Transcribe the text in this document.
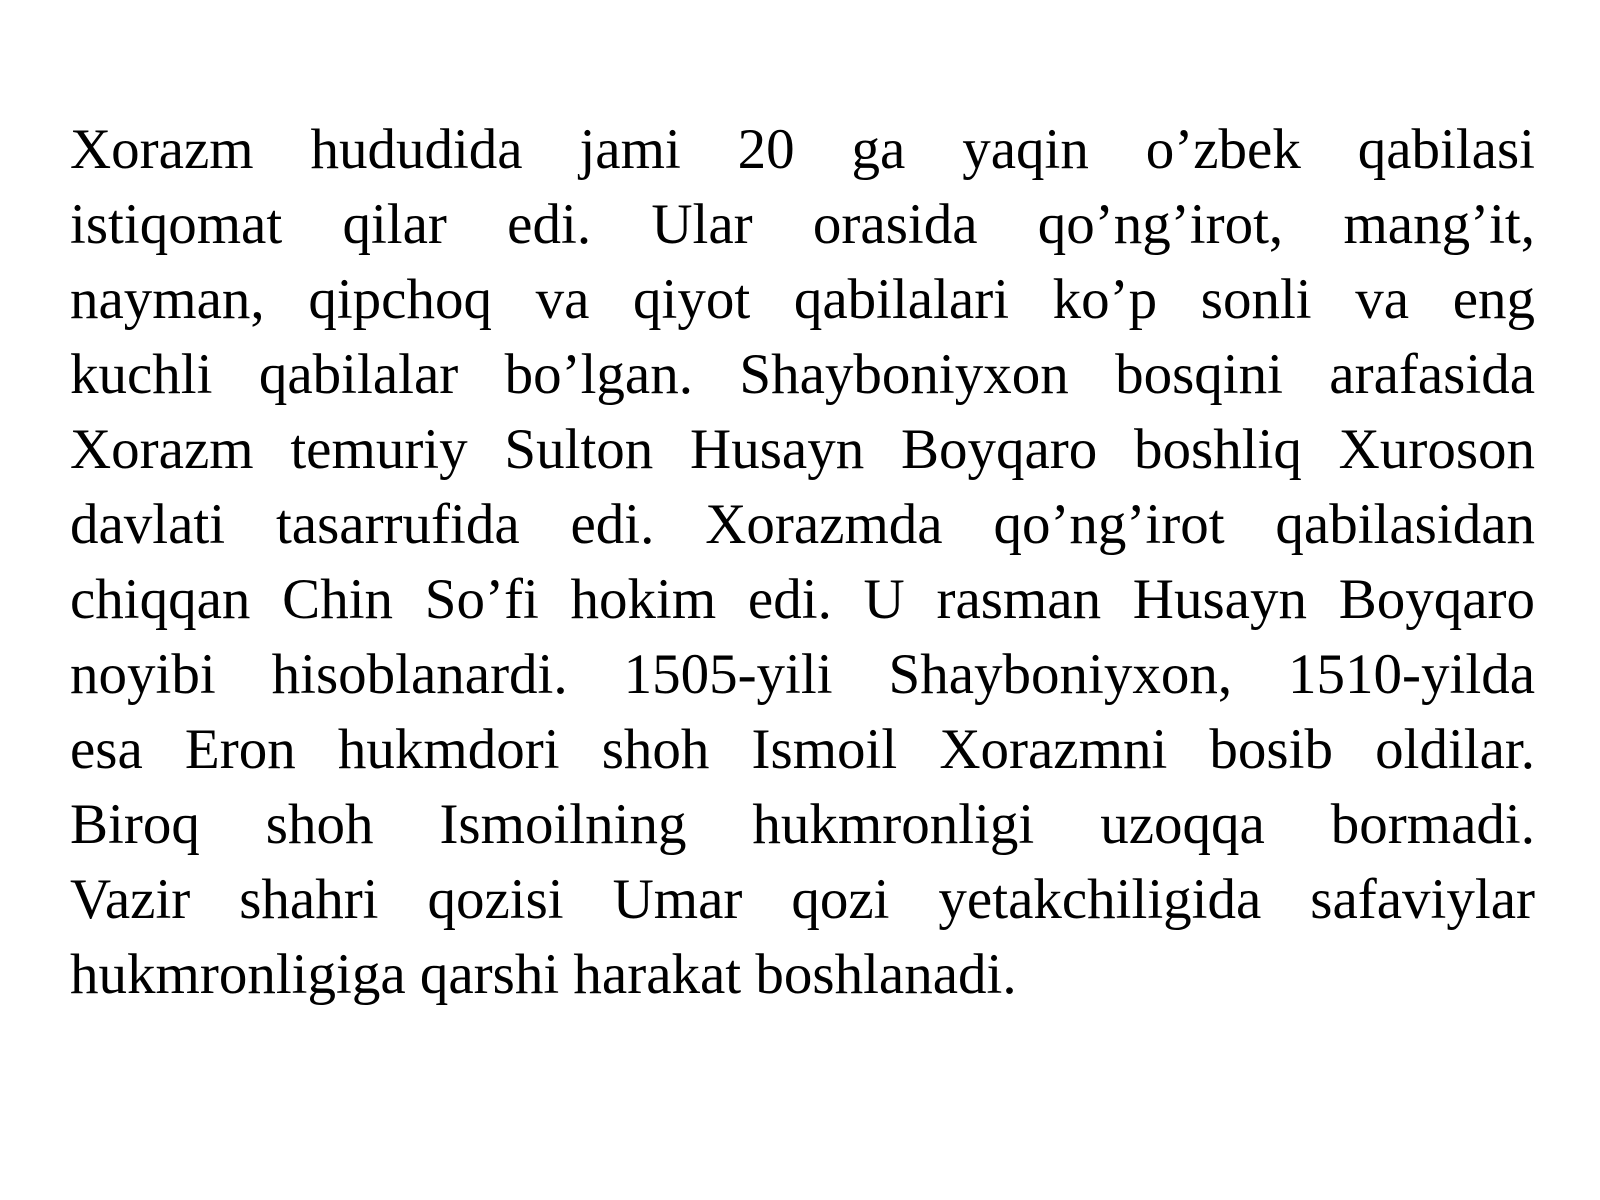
Xorazm hududida jami 20 ga yaqin o’zbek qabilasi
istiqomat qilar edi. Ular orasida qo’ng’irot, mang’it,
nayman, qipchoq va qiyot qabilalari ko’p sonli va eng
kuchli qabilalar bo’lgan. Shayboniyxon bosqini arafasida
Xorazm temuriy Sulton Husayn Boyqaro boshliq Xuroson
davlati tasarrufida edi. Xorazmda qo’ng’irot qabilasidan
chiqqan Chin So’fi hokim edi. U rasman Husayn Boyqaro
noyibi hisoblanardi. 1505-yili Shayboniyxon, 1510-yilda
esa Eron hukmdori shoh Ismoil Xorazmni bosib oldilar.
Biroq shoh Ismoilning hukmronligi uzoqqa bormadi.
Vazir shahri qozisi Umar qozi yetakchiligida safaviylar
hukmronligiga qarshi harakat boshlanadi.
